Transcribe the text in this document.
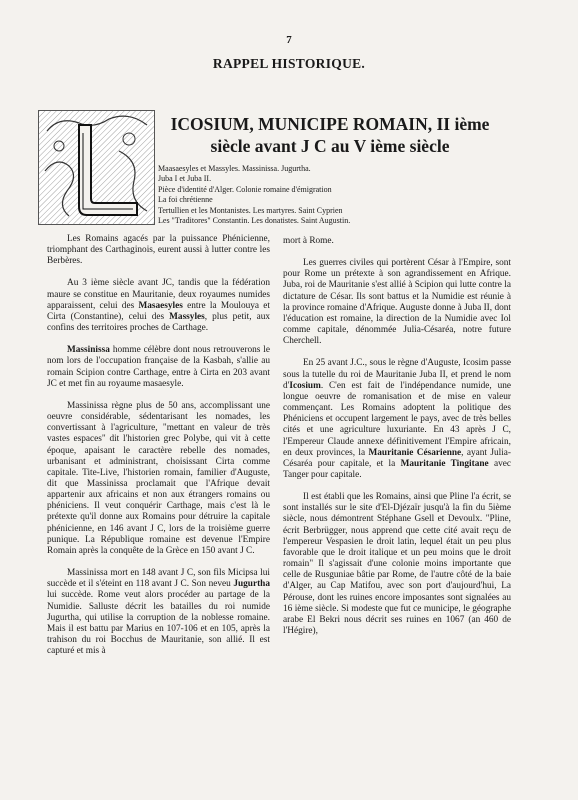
7
RAPPEL HISTORIQUE.
ICOSIUM, MUNICIPE ROMAIN, II ième
siècle avant J C au V ième siècle
Maasaesyles et Massyles. Massinissa. Jugurtha.
Juba I et Juba II.
Pièce d'identité d'Alger. Colonie romaine d'émigration
La foi chrétienne
Tertullien et les Montanistes. Les martyres. Saint Cyprien
Les "Traditores" Constantin. Les donatistes. Saint Augustin.

Les Romains agacés par la puissance Phénicienne, triomphant des Carthaginois, eurent aussi à lutter contre les Berbères.

Au 3 ième siècle avant JC, tandis que la fédération maure se constitue en Mauritanie, deux royaumes numides apparaissent, celui des Masaesyles entre la Moulouya et Cirta (Constantine), celui des Massyles, plus petit, aux confins des territoires proches de Carthage.

Massinissa homme célèbre dont nous retrouverons le nom lors de l'occupation française de la Kasbah, s'allie au romain Scipion contre Carthage, entre à Cirta en 203 avant JC et met fin au royaume masaesyle.

Massinissa règne plus de 50 ans, accomplissant une oeuvre considérable, sédentarisant les nomades, les convertissant à l'agriculture, "mettant en valeur de très vastes espaces" dit l'historien grec Polybe, qui vit à cette époque, apaisant le caractère rebelle des nomades, urbanisant et administrant, choisissant Cirta comme capitale. Tite-Live, l'historien romain, familier d'Auguste, dit que Massinissa proclamait que l'Afrique devait appartenir aux africains et non aux étrangers romains ou phéniciens. Il veut conquérir Carthage, mais c'est là le prétexte qu'il donne aux Romains pour détruire la capitale phénicienne, en 146 avant J C, lors de la troisième guerre punique. La République romaine est devenue l'Empire Romain après la conquête de la Grèce en 150 avant J C.

Massinissa mort en 148 avant J C, son fils Micipsa lui succède et il s'éteint en 118 avant J C. Son neveu Jugurtha lui succède. Rome veut alors procéder au partage de la Numidie. Salluste décrit les batailles du roi numide Jugurtha, qui utilise la corruption de la noblesse romaine. Mais il est battu par Marius en 107-106 et en 105, après la trahison du roi Bocchus de Mauritanie, son allié. Il est capturé et mis à

mort à Rome.

Les guerres civiles qui portèrent César à l'Empire, sont pour Rome un prétexte à son agrandissement en Afrique. Juba, roi de Mauritanie s'est allié à Scipion qui lutte contre la dictature de César. Ils sont battus et la Numidie est réunie à la province romaine d'Afrique. Auguste donne à Juba II, dont l'éducation est romaine, la direction de la Numidie avec Iol comme capitale, dénommée Julia-Césaréa, notre future Cherchell.

En 25 avant J.C., sous le règne d'Auguste, Icosim passe sous la tutelle du roi de Mauritanie Juba II, et prend le nom d'Icosium. C'en est fait de l'indépendance numide, une longue oeuvre de romanisation et de mise en valeur commençant. Les Romains adoptent la politique des Phéniciens et occupent largement le pays, avec de très belles cités et une agriculture luxuriante. En 43 après J C, l'Empereur Claude annexe définitivement l'Empire africain, en deux provinces, la Mauritanie Césarienne, ayant Julia-Césaréa pour capitale, et la Mauritanie Tingitane avec Tanger pour capitale.

Il est établi que les Romains, ainsi que Pline l'a écrit, se sont installés sur le site d'El-Djézaïr jusqu'à la fin du 5ième siècle, nous démontrent Stéphane Gsell et Devoulx. "Pline, écrit Berbrügger, nous apprend que cette cité avait reçu de l'empereur Vespasien le droit latin, lequel était un peu plus favorable que le droit italique et un peu moins que le droit romain" Il s'agissait d'une colonie moins importante que celle de Rusguniae bâtie par Rome, de l'autre côté de la baie d'Alger, au Cap Matifou, avec son port d'aujourd'hui, La Pérouse, dont les ruines encore imposantes sont signalées au 16 ième siècle. Si modeste que fut ce municipe, le géographe arabe El Bekri nous décrit ses ruines en 1067 (an 460 de l'Hégire),
